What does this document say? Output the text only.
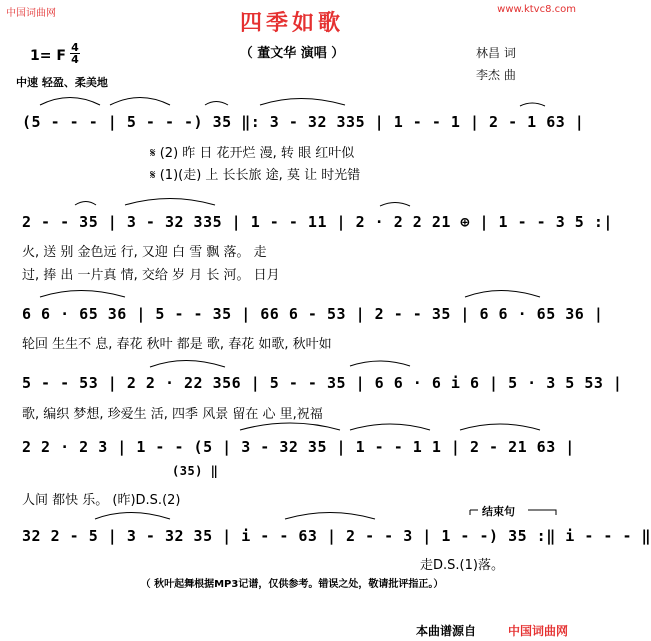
中国词曲网	www.ktvc8.com
四季如歌
（ 董文华 演唱 ）	林昌 词
李杰 曲
1= F
4
4
中速 轻盈、柔美地
(5 - - - | 5 - - -) 35 ‖: 3 - 32 335 | 1 - - 1 | 2 - 1 63 |
𝄋 (2) 昨 日 花开烂 漫, 转 眼 红叶似
𝄋 (1)(走) 上 长长旅 途, 莫 让 时光错
2 - - 35 | 3 - 32 335 | 1 - - 11 | 2 · 2 2 21 ⊕ | 1 - - 3 5 :|
火, 送 别 金色远 行, 又迎 白 雪 飘 落。 走
过, 捧 出 一片真 情, 交给 岁 月 长 河。 日月
6 6 · 65 36 | 5 - - 35 | 66 6 - 53 | 2 - - 35 | 6 6 · 65 36 |
轮回 生生不 息, 春花 秋叶 都是 歌, 春花 如歌, 秋叶如
5 - - 53 | 2 2 · 22 356 | 5 - - 35 | 6 6 · 6 i 6 | 5 · 3 5 53 |
歌, 编织 梦想, 珍爱生 活, 四季 风景 留在 心 里,祝福
2 2 · 2 3 | 1 - - (5 | 3 - 32 35 | 1 - - 1 1 | 2 - 21 63 |
(35) ‖
人间 都快 乐。 (昨)D.S.(2)
结束句
32 2 - 5 | 3 - 32 35 | i - - 63 | 2 - - 3 | 1 - -) 35 :‖ i - - - ‖
走D.S.(1)落。
（ 秋叶起舞根据MP3记谱，仅供参考。错误之处，敬请批评指正。）
本曲谱源自	中国词曲网
